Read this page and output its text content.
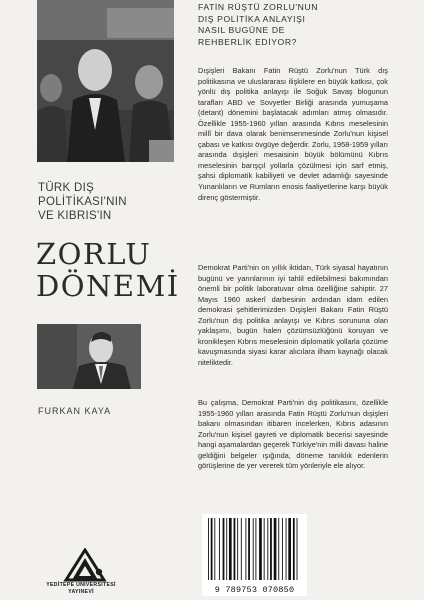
FATİN RÜŞTÜ ZORLU'NUN
DIŞ POLİTİKA ANLAYIŞI
NASIL BUGÜNE DE
REHBERLİK EDİYOR?

Dışişleri Bakanı Fatin Rüştü Zorlu'nun Türk dış politikasına ve uluslararası ilişkilere en büyük katkısı, çok yönlü dış politika anlayışı ile Soğuk Savaş blogunun tarafları ABD ve Sovyetler Birliği arasında yumuşama (detant) dönemini başlatacak adımları atmış olmasıdır. Özellikle 1955-1960 yılları arasında Kıbrıs meselesinin millî bir dava olarak benimsenmesinde Zorlu'nun kişisel çabası ve katkısı övgüye değerdir. Zorlu, 1958-1959 yılları arasında dışişleri mesaisinin büyük bölümünü Kıbrıs meselesinin barışçıl yollarla çözülmesi için sarf etmiş, şahsi diplomatik kabiliyeti ve devlet adamlığı sayesinde Yunanlıların ve Rumların enosis faaliyetlerine karşı büyük direnç göstermiştir.

Demokrat Parti'nin on yıllık iktidarı, Türk siyasal hayatının bugünü ve yarınlarının iyi tahlil edilebilmesi bakımından önemli bir politik laboratuvar olma özelliğine sahiptir. 27 Mayıs 1960 askerî darbesinin ardından idam edilen demokrasi şehitlerimizden Dışişleri Bakanı Fatin Rüştü Zorlu'nun dış politika anlayışı ve Kıbrıs sorununa olan yaklaşımı, bugün halen çözümsüzlüğünü koruyan ve kronikleşen Kıbrıs meselesinin diplomatik yollarla çözüme kavuşmasında siyasi karar alıcılara ilham kaynağı olacak niteliktedir.

Bu çalışma, Demokrat Parti'nin dış politikasını, özellikle 1955-1960 yılları arasında Fatin Rüştü Zorlu'nun dışişleri bakanı olmasından itibaren incelerken, Kıbrıs adasının Zorlu'nun kişisel gayreti ve diplomatik becerisi sayesinde hangi aşamalardan geçerek Türkiye'nin milli davası haline geldiğini belgeler ışığında, döneme tanıklık edenlerin görüşlerine de yer vererek tüm yönleriyle ele alıyor.

TÜRK DIŞ
POLİTİKASI'NIN
VE KIBRIS'IN
ZORLU
DÖNEMİ
FURKAN KAYA
YEDİTEPE ÜNİVERSİTESİ
YAYINEVİ	9 789753 070850
